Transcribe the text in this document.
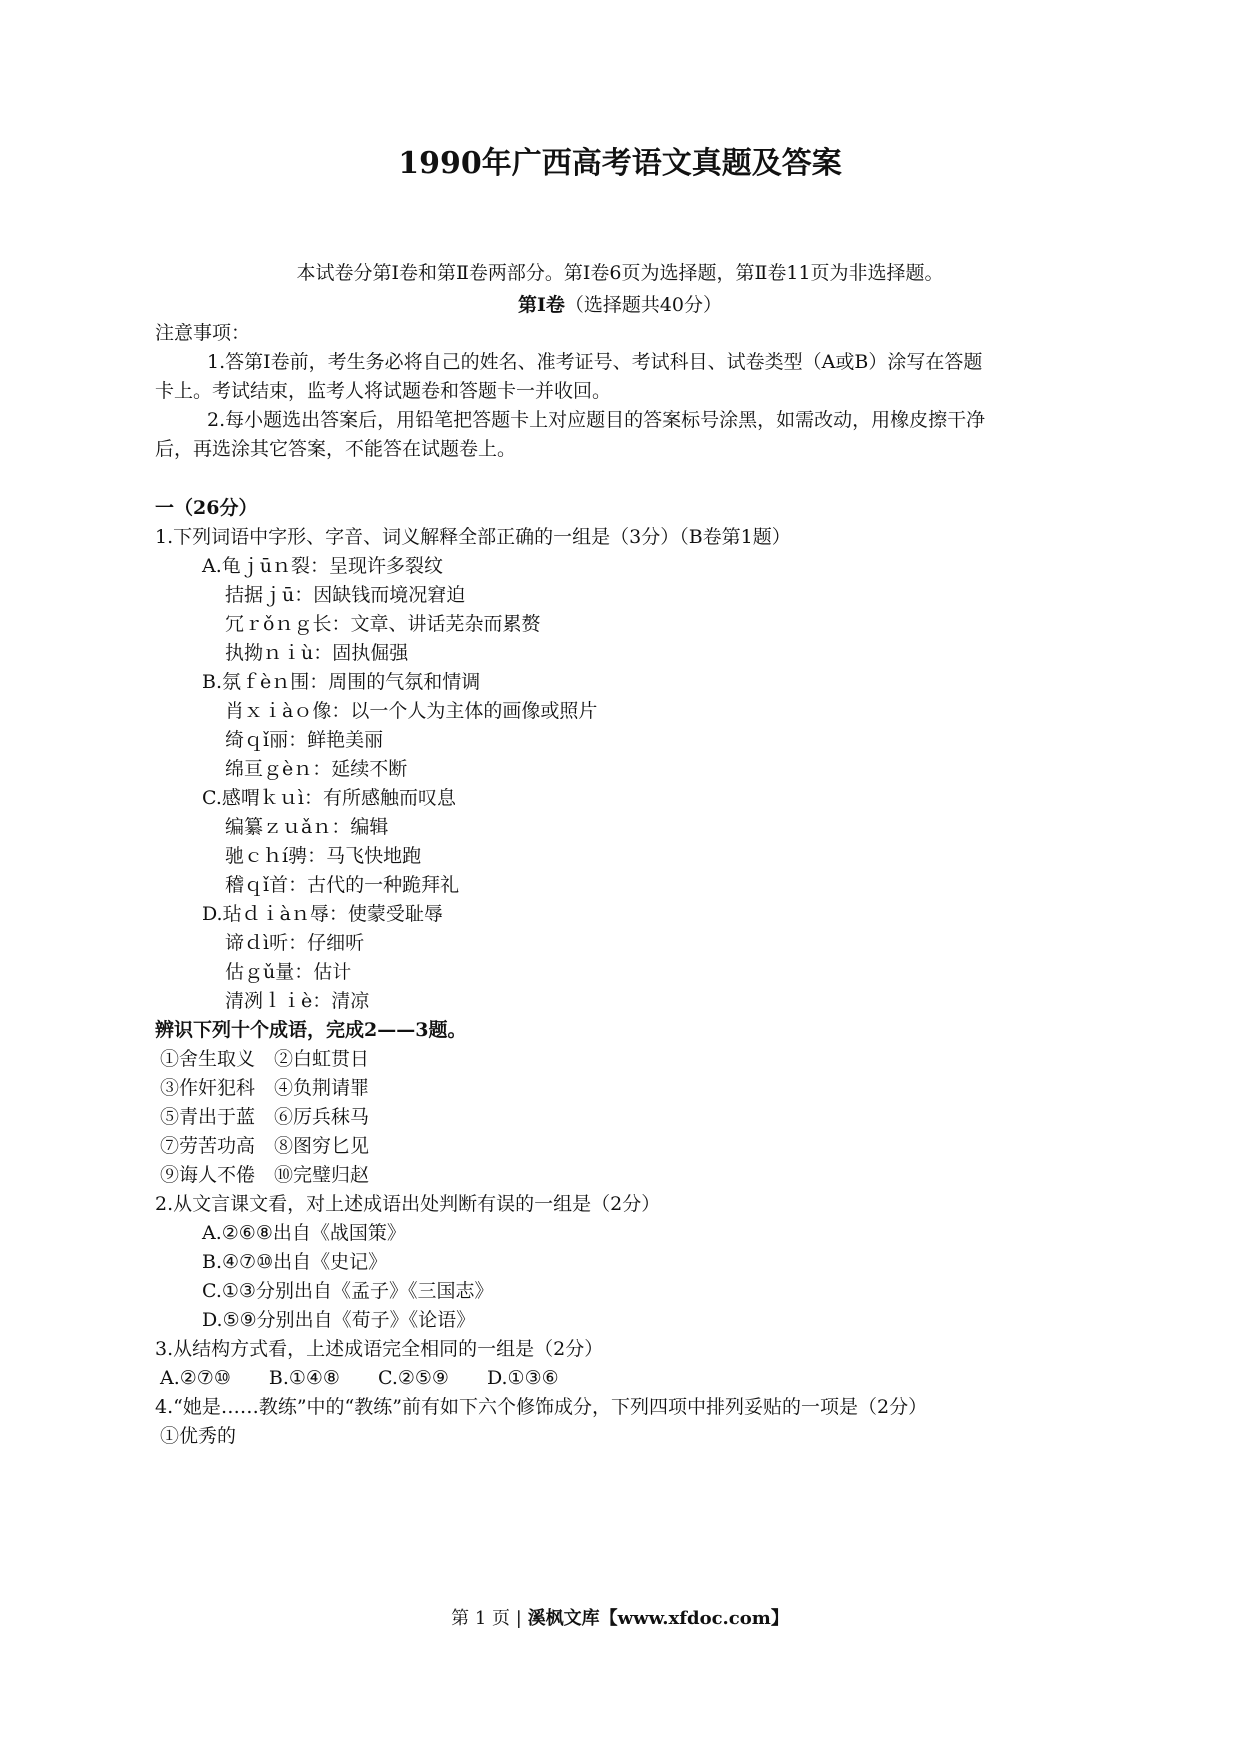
1990年广西高考语文真题及答案
本试卷分第Ⅰ卷和第Ⅱ卷两部分。第Ⅰ卷6页为选择题，第Ⅱ卷11页为非选择题。
第Ⅰ卷（选择题共40分）
注意事项：
1.答第Ⅰ卷前，考生务必将自己的姓名、准考证号、考试科目、试卷类型（A或B）涂写在答题
卡上。考试结束，监考人将试题卷和答题卡一并收回。
2.每小题选出答案后，用铅笔把答题卡上对应题目的答案标号涂黑，如需改动，用橡皮擦干净
后，再选涂其它答案，不能答在试题卷上。
一（26分）
1.下列词语中字形、字音、词义解释全部正确的一组是（3分）（B卷第1题）
A.龟ｊūｎ裂：呈现许多裂纹
拮据ｊū：因缺钱而境况窘迫
冗ｒǒｎｇ长：文章、讲话芜杂而累赘
执拗ｎｉù：固执倔强
B.氛ｆèｎ围：周围的气氛和情调
肖ｘｉàｏ像：以一个人为主体的画像或照片
绮ｑǐ丽：鲜艳美丽
绵亘ｇèｎ：延续不断
C.感喟ｋｕì：有所感触而叹息
编纂ｚｕǎｎ：编辑
驰ｃｈí骋：马飞快地跑
稽ｑǐ首：古代的一种跪拜礼
D.玷ｄｉàｎ辱：使蒙受耻辱
谛ｄì听：仔细听
估ｇǔ量：估计
清冽ｌｉè：清凉
辨识下列十个成语，完成2——3题。
①舍生取义　②白虹贯日
③作奸犯科　④负荆请罪
⑤青出于蓝　⑥厉兵秣马
⑦劳苦功高　⑧图穷匕见
⑨诲人不倦　⑩完璧归赵
2.从文言课文看，对上述成语出处判断有误的一组是（2分）
A.②⑥⑧出自《战国策》
B.④⑦⑩出自《史记》
C.①③分别出自《孟子》《三国志》
D.⑤⑨分别出自《荀子》《论语》
3.从结构方式看，上述成语完全相同的一组是（2分）
A.②⑦⑩　　B.①④⑧　　C.②⑤⑨　　D.①③⑥
4.“她是……教练”中的“教练”前有如下六个修饰成分，下列四项中排列妥贴的一项是（2分）
①优秀的
第 1 页 | 溪枫文库【www.xfdoc.com】
